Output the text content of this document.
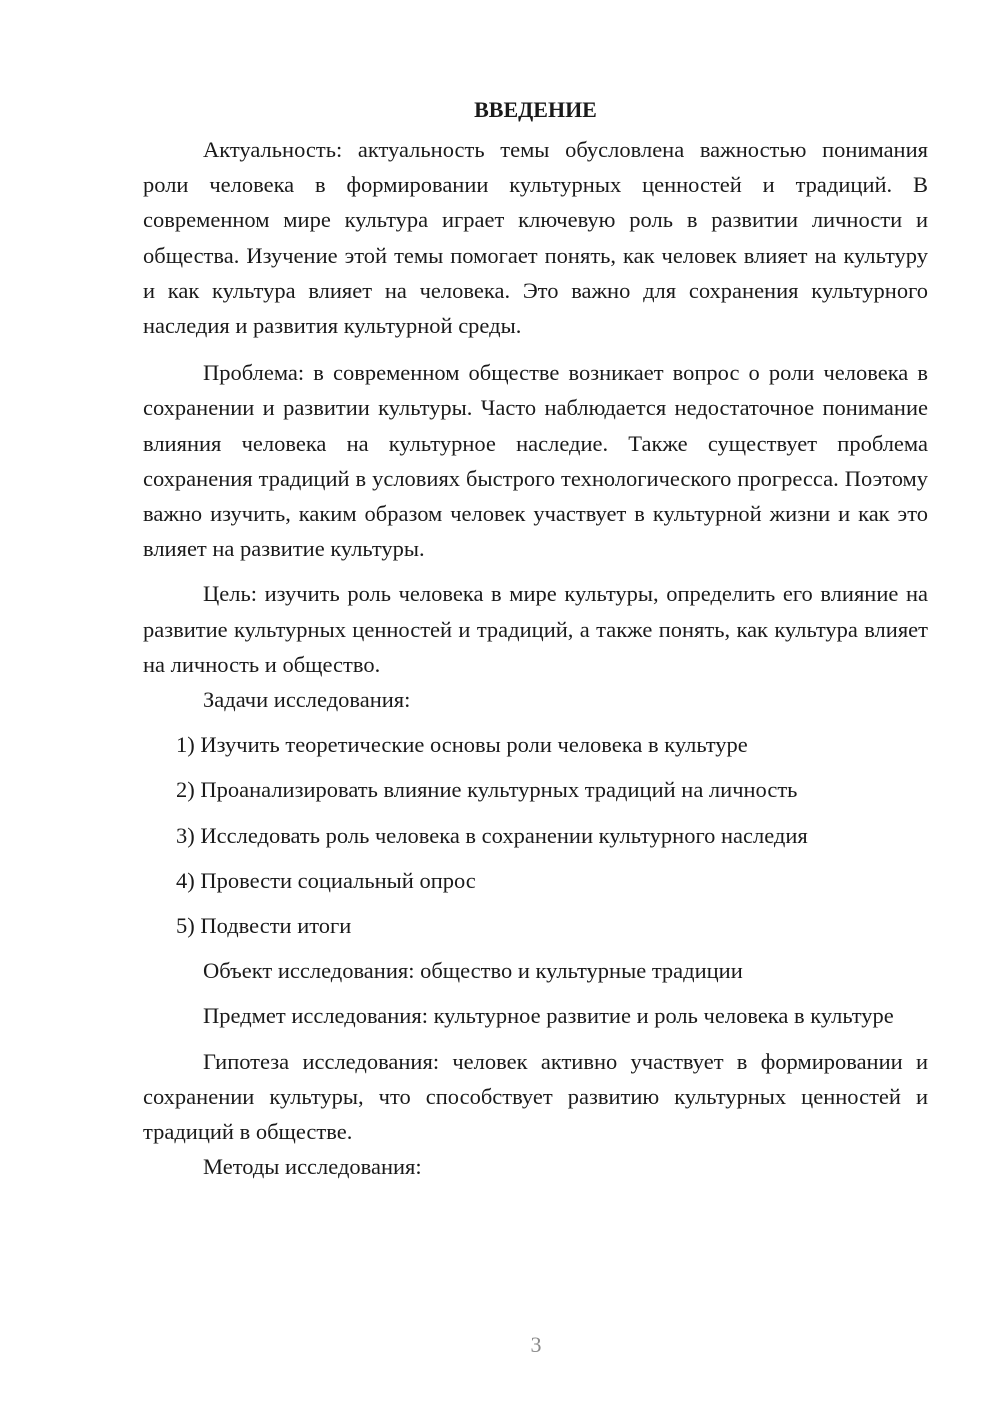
ВВЕДЕНИЕ

Актуальность: актуальность темы обусловлена важностью понимания роли человека в формировании культурных ценностей и традиций. В современном мире культура играет ключевую роль в развитии личности и общества. Изучение этой темы помогает понять, как человек влияет на культуру и как культура влияет на человека. Это важно для сохранения культурного наследия и развития культурной среды.

Проблема: в современном обществе возникает вопрос о роли человека в сохранении и развитии культуры. Часто наблюдается недостаточное понимание влияния человека на культурное наследие. Также существует проблема сохранения традиций в условиях быстрого технологического прогресса. Поэтому важно изучить, каким образом человек участвует в культурной жизни и как это влияет на развитие культуры.

Цель: изучить роль человека в мире культуры, определить его влияние на развитие культурных ценностей и традиций, а также понять, как культура влияет на личность и общество.

Задачи исследования:

1) Изучить теоретические основы роли человека в культуре
2) Проанализировать влияние культурных традиций на личность
3) Исследовать роль человека в сохранении культурного наследия
4) Провести социальный опрос
5) Подвести итоги

Объект исследования: общество и культурные традиции

Предмет исследования: культурное развитие и роль человека в культуре

Гипотеза исследования: человек активно участвует в формировании и сохранении культуры, что способствует развитию культурных ценностей и традиций в обществе.

Методы исследования:

3
